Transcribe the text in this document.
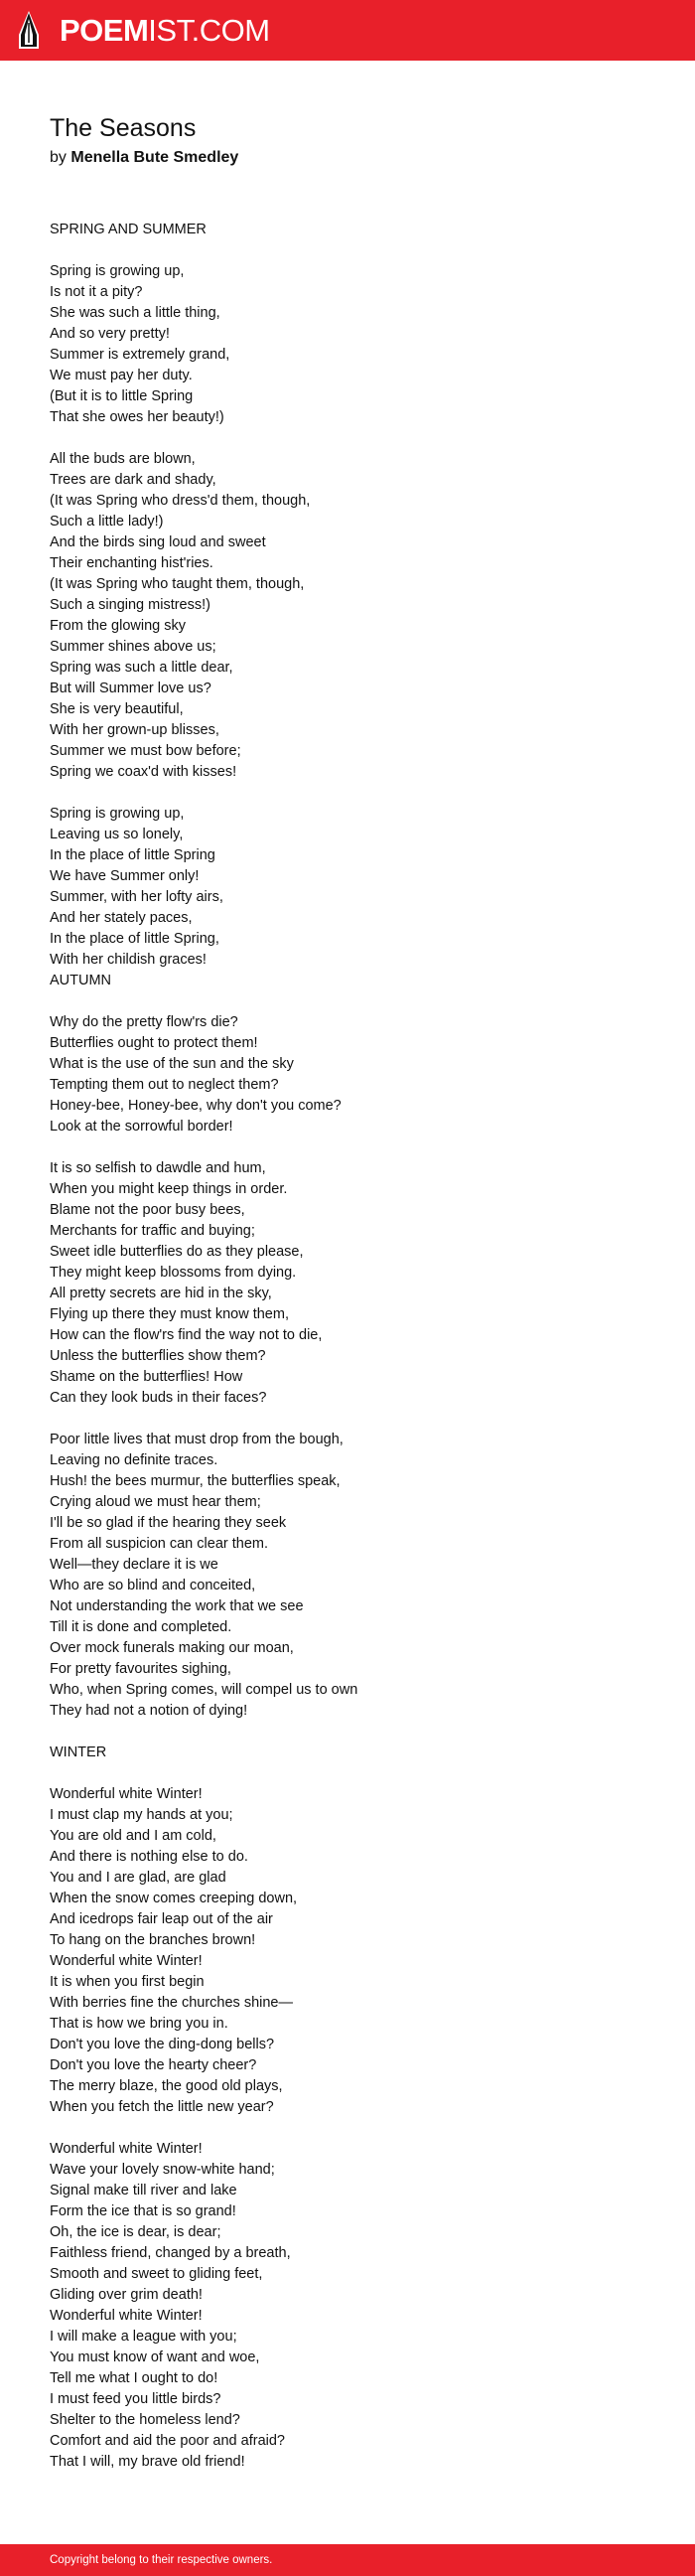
POEMIST.COM
The Seasons

by Menella Bute Smedley

SPRING AND SUMMER
Spring is growing up,
Is not it a pity?
She was such a little thing,
And so very pretty!
Summer is extremely grand,
We must pay her duty.
(But it is to little Spring
That she owes her beauty!)
All the buds are blown,
Trees are dark and shady,
(It was Spring who dress'd them, though,
Such a little lady!)
And the birds sing loud and sweet
Their enchanting hist'ries.
(It was Spring who taught them, though,
Such a singing mistress!)
From the glowing sky
Summer shines above us;
Spring was such a little dear,
But will Summer love us?
She is very beautiful,
With her grown-up blisses,
Summer we must bow before;
Spring we coax'd with kisses!
Spring is growing up,
Leaving us so lonely,
In the place of little Spring
We have Summer only!
Summer, with her lofty airs,
And her stately paces,
In the place of little Spring,
With her childish graces!
AUTUMN
Why do the pretty flow'rs die?
Butterflies ought to protect them!
What is the use of the sun and the sky
Tempting them out to neglect them?
Honey-bee, Honey-bee, why don't you come?
Look at the sorrowful border!
It is so selfish to dawdle and hum,
When you might keep things in order.
Blame not the poor busy bees,
Merchants for traffic and buying;
Sweet idle butterflies do as they please,
They might keep blossoms from dying.
All pretty secrets are hid in the sky,
Flying up there they must know them,
How can the flow'rs find the way not to die,
Unless the butterflies show them?
Shame on the butterflies! How
Can they look buds in their faces?
Poor little lives that must drop from the bough,
Leaving no definite traces.
Hush! the bees murmur, the butterflies speak,
Crying aloud we must hear them;
I'll be so glad if the hearing they seek
From all suspicion can clear them.
Well—they declare it is we
Who are so blind and conceited,
Not understanding the work that we see
Till it is done and completed.
Over mock funerals making our moan,
For pretty favourites sighing,
Who, when Spring comes, will compel us to own
They had not a notion of dying!
WINTER
Wonderful white Winter!
I must clap my hands at you;
You are old and I am cold,
And there is nothing else to do.
You and I are glad, are glad
When the snow comes creeping down,
And icedrops fair leap out of the air
To hang on the branches brown!
Wonderful white Winter!
It is when you first begin
With berries fine the churches shine—
That is how we bring you in.
Don't you love the ding-dong bells?
Don't you love the hearty cheer?
The merry blaze, the good old plays,
When you fetch the little new year?
Wonderful white Winter!
Wave your lovely snow-white hand;
Signal make till river and lake
Form the ice that is so grand!
Oh, the ice is dear, is dear;
Faithless friend, changed by a breath,
Smooth and sweet to gliding feet,
Gliding over grim death!
Wonderful white Winter!
I will make a league with you;
You must know of want and woe,
Tell me what I ought to do!
I must feed you little birds?
Shelter to the homeless lend?
Comfort and aid the poor and afraid?
That I will, my brave old friend!
Copyright belong to their respective owners.
